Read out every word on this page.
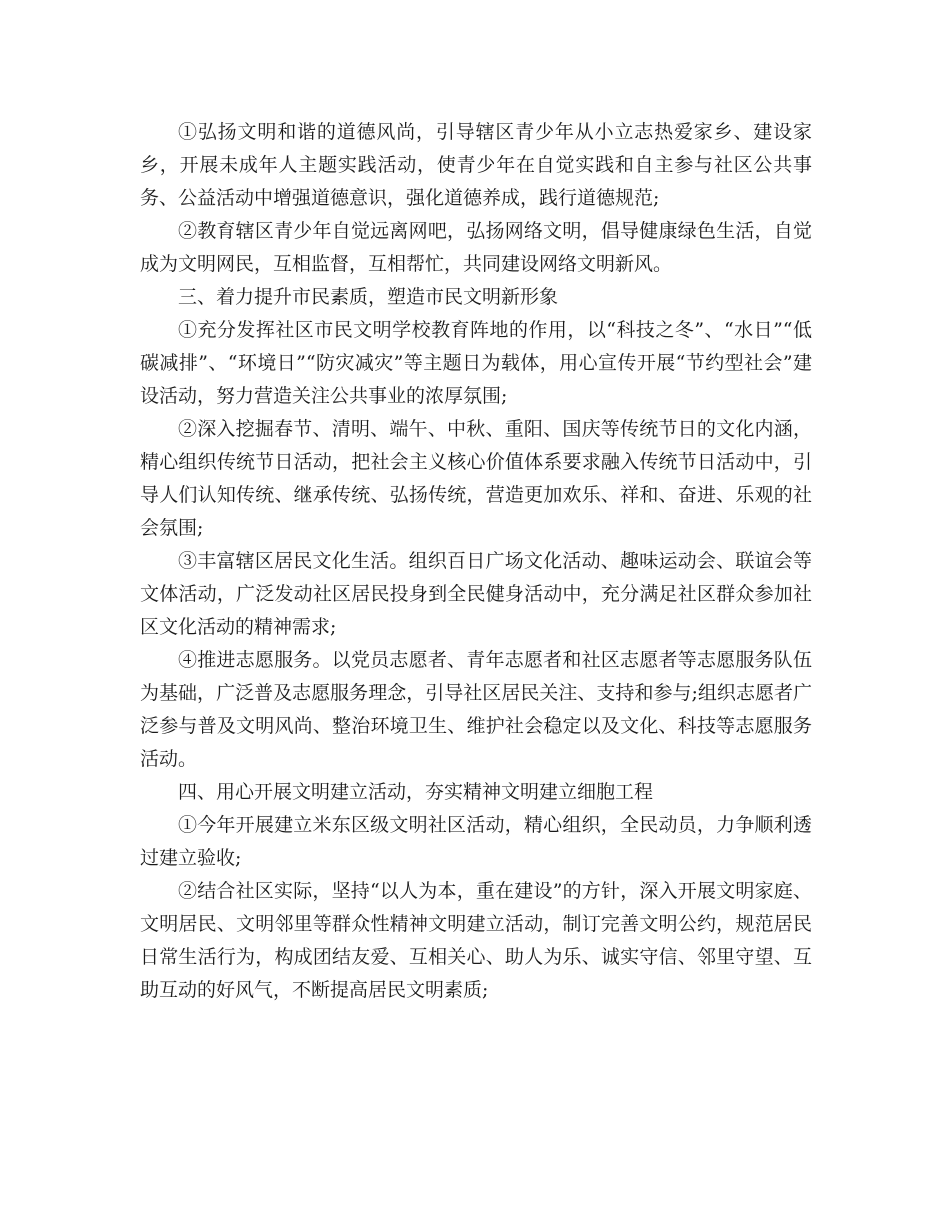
①弘扬文明和谐的道德风尚，引导辖区青少年从小立志热爱家乡、建设家乡，开展未成年人主题实践活动，使青少年在自觉实践和自主参与社区公共事务、公益活动中增强道德意识，强化道德养成，践行道德规范;

②教育辖区青少年自觉远离网吧，弘扬网络文明，倡导健康绿色生活，自觉成为文明网民，互相监督，互相帮忙，共同建设网络文明新风。

三、着力提升市民素质，塑造市民文明新形象

①充分发挥社区市民文明学校教育阵地的作用，以“科技之冬”、“水日”“低碳减排”、“环境日”“防灾减灾”等主题日为载体，用心宣传开展“节约型社会”建设活动，努力营造关注公共事业的浓厚氛围;

②深入挖掘春节、清明、端午、中秋、重阳、国庆等传统节日的文化内涵，精心组织传统节日活动，把社会主义核心价值体系要求融入传统节日活动中，引导人们认知传统、继承传统、弘扬传统，营造更加欢乐、祥和、奋进、乐观的社会氛围;

③丰富辖区居民文化生活。组织百日广场文化活动、趣味运动会、联谊会等文体活动，广泛发动社区居民投身到全民健身活动中，充分满足社区群众参加社区文化活动的精神需求;

④推进志愿服务。以党员志愿者、青年志愿者和社区志愿者等志愿服务队伍为基础，广泛普及志愿服务理念，引导社区居民关注、支持和参与;组织志愿者广泛参与普及文明风尚、整治环境卫生、维护社会稳定以及文化、科技等志愿服务活动。

四、用心开展文明建立活动，夯实精神文明建立细胞工程

①今年开展建立米东区级文明社区活动，精心组织，全民动员，力争顺利透过建立验收;

②结合社区实际，坚持“以人为本，重在建设”的方针，深入开展文明家庭、文明居民、文明邻里等群众性精神文明建立活动，制订完善文明公约，规范居民日常生活行为，构成团结友爱、互相关心、助人为乐、诚实守信、邻里守望、互助互动的好风气，不断提高居民文明素质;
